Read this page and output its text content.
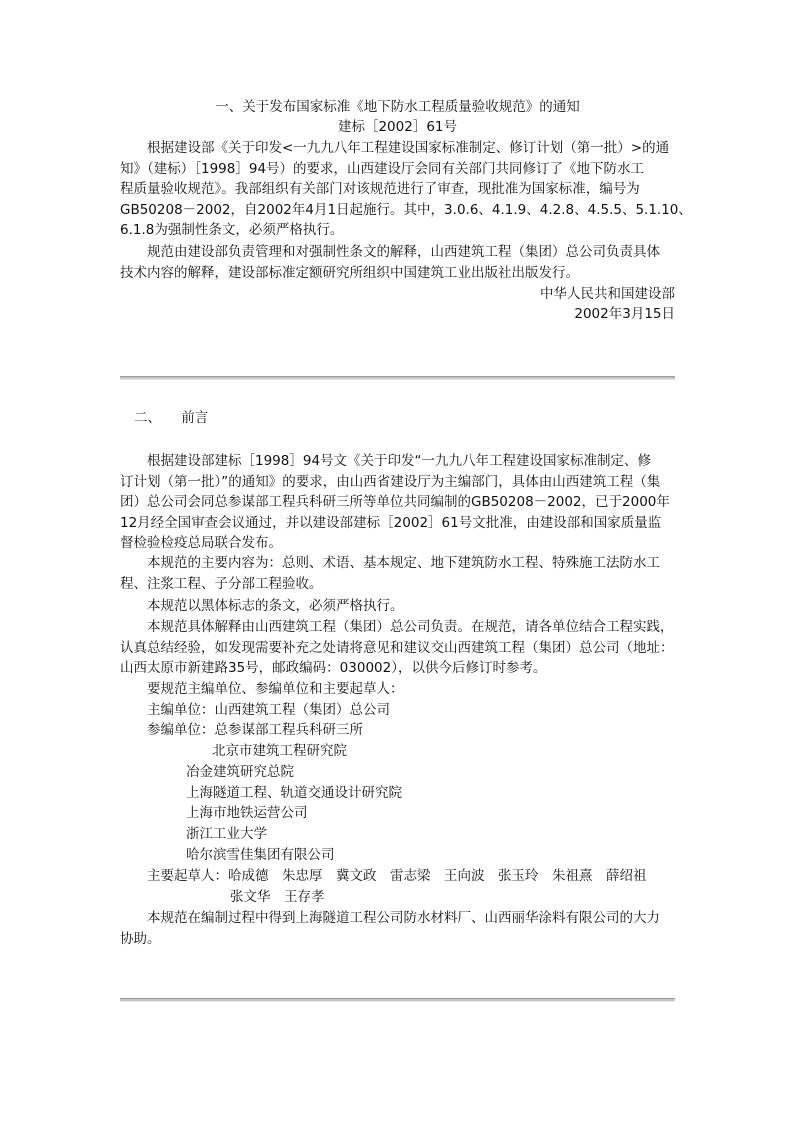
一、关于发布国家标准《地下防水工程质量验收规范》的通知
建标［2002］61号
根据建设部《关于印发<一九九八年工程建设国家标准制定、修订计划（第一批）>的通
知》（建标）［1998］94号）的要求，山西建设厅会同有关部门共同修订了《地下防水工
程质量验收规范》。我部组织有关部门对该规范进行了审查，现批准为国家标准，编号为
GB50208－2002，自2002年4月1日起施行。其中，3.0.6、4.1.9、4.2.8、4.5.5、5.1.10、
6.1.8为强制性条文，必须严格执行。
规范由建设部负责管理和对强制性条文的解释，山西建筑工程（集团）总公司负责具体
技术内容的解释，建设部标准定额研究所组织中国建筑工业出版社出版发行。
中华人民共和国建设部
2002年3月15日
二、　　前言
根据建设部建标［1998］94号文《关于印发“一九九八年工程建设国家标准制定、修
订计划（第一批）”的通知》的要求，由山西省建设厅为主编部门，具体由山西建筑工程（集
团）总公司会同总参谋部工程兵科研三所等单位共同编制的GB50208－2002，已于2000年
12月经全国审查会议通过，并以建设部建标［2002］61号文批准，由建设部和国家质量监
督检验检疫总局联合发布。
本规范的主要内容为：总则、术语、基本规定、地下建筑防水工程、特殊施工法防水工
程、注浆工程、子分部工程验收。
本规范以黑体标志的条文，必须严格执行。
本规范具体解释由山西建筑工程（集团）总公司负责。在规范，请各单位结合工程实践，
认真总结经验，如发现需要补充之处请将意见和建议交山西建筑工程（集团）总公司（地址：
山西太原市新建路35号，邮政编码：030002），以供今后修订时参考。
要规范主编单位、参编单位和主要起草人：
主编单位：山西建筑工程（集团）总公司
参编单位：总参谋部工程兵科研三所
北京市建筑工程研究院
冶金建筑研究总院
上海隧道工程、轨道交通设计研究院
上海市地铁运营公司
浙江工业大学
哈尔滨雪佳集团有限公司
主要起草人：哈成德　朱忠厚　冀文政　雷志梁　王向波　张玉玲　朱祖熹　薛绍祖
张文华　王存孝
本规范在编制过程中得到上海隧道工程公司防水材料厂、山西丽华涂料有限公司的大力
协助。
